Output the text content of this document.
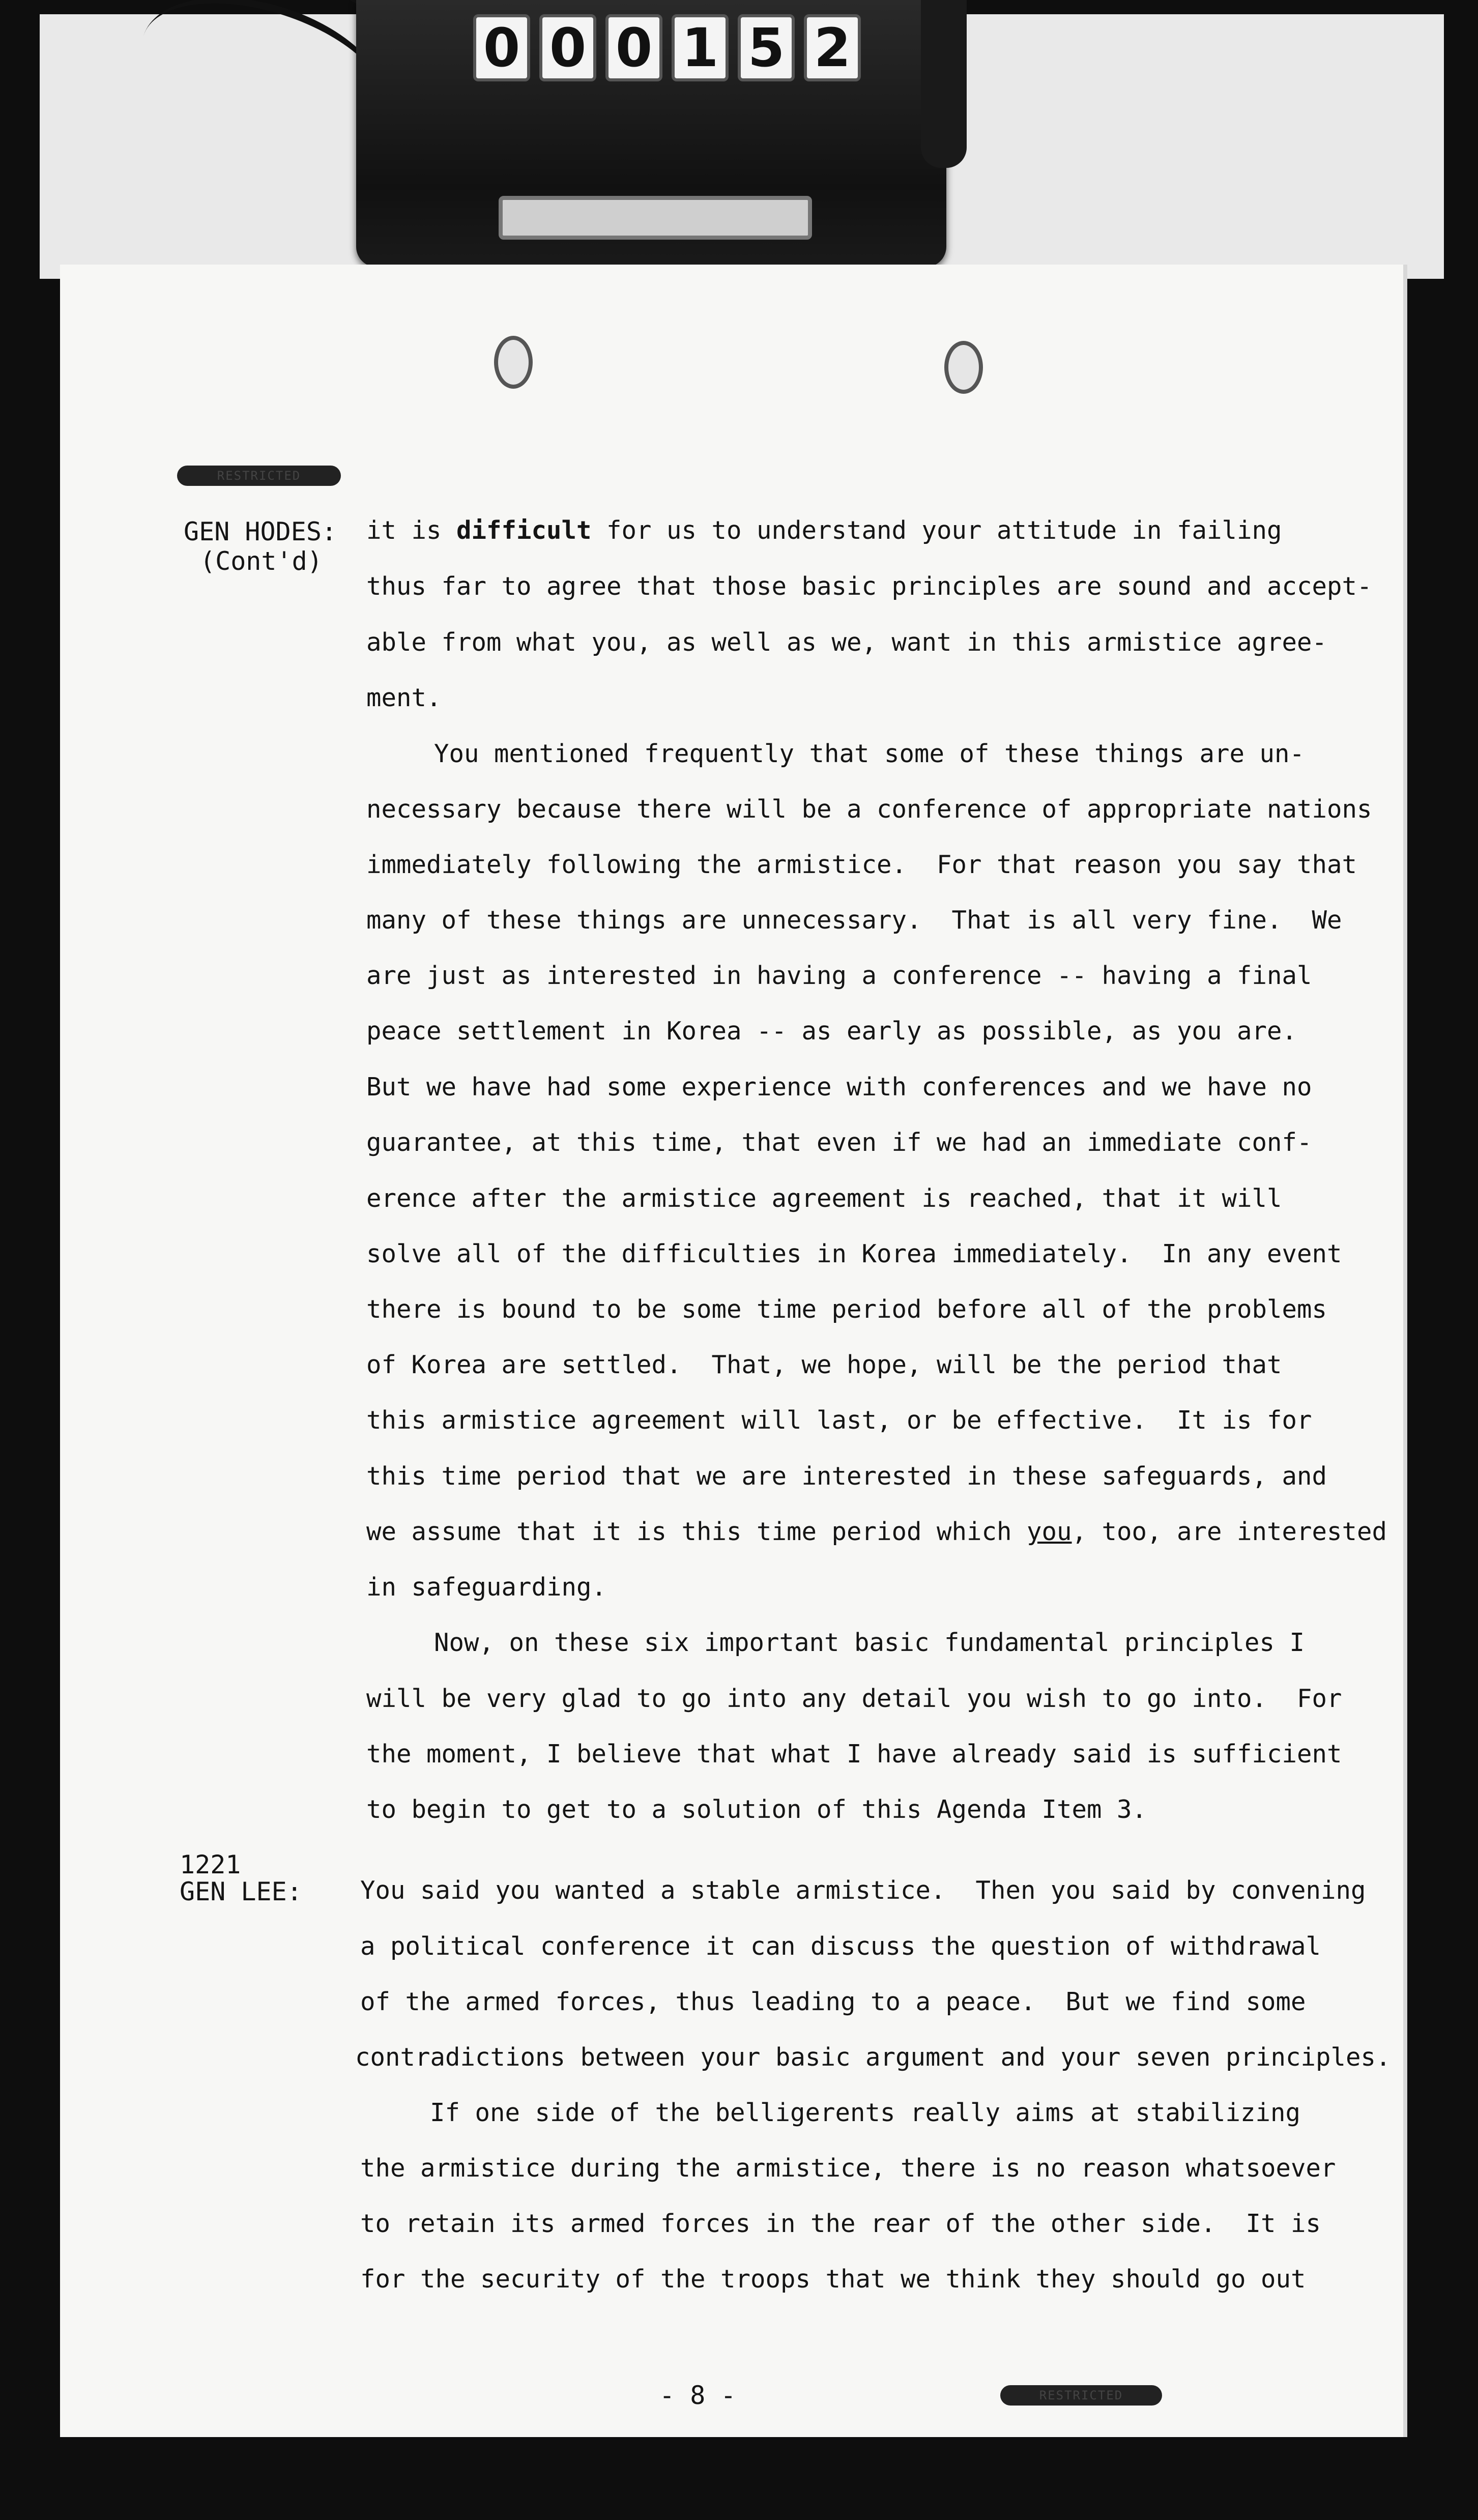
0 0 0 1 5 2
RESTRICTED
GEN HODES:
(Cont'd)
it is difficult for us to understand your attitude in failing
thus far to agree that those basic principles are sound and accept-
able from what you, as well as we, want in this armistice agree-
ment.
You mentioned frequently that some of these things are un-
necessary because there will be a conference of appropriate nations
immediately following the armistice.  For that reason you say that
many of these things are unnecessary.  That is all very fine.  We
are just as interested in having a conference -- having a final
peace settlement in Korea -- as early as possible, as you are.
But we have had some experience with conferences and we have no
guarantee, at this time, that even if we had an immediate conf-
erence after the armistice agreement is reached, that it will
solve all of the difficulties in Korea immediately.  In any event
there is bound to be some time period before all of the problems
of Korea are settled.  That, we hope, will be the period that
this armistice agreement will last, or be effective.  It is for
this time period that we are interested in these safeguards, and
we assume that it is this time period which you, too, are interested
in safeguarding.
Now, on these six important basic fundamental principles I
will be very glad to go into any detail you wish to go into.  For
the moment, I believe that what I have already said is sufficient
to begin to get to a solution of this Agenda Item 3.
1221
GEN LEE: You said you wanted a stable armistice.  Then you said by convening
a political conference it can discuss the question of withdrawal
of the armed forces, thus leading to a peace.  But we find some
contradictions between your basic argument and your seven principles.
If one side of the belligerents really aims at stabilizing
the armistice during the armistice, there is no reason whatsoever
to retain its armed forces in the rear of the other side.  It is
for the security of the troops that we think they should go out
- 8 -	RESTRICTED
